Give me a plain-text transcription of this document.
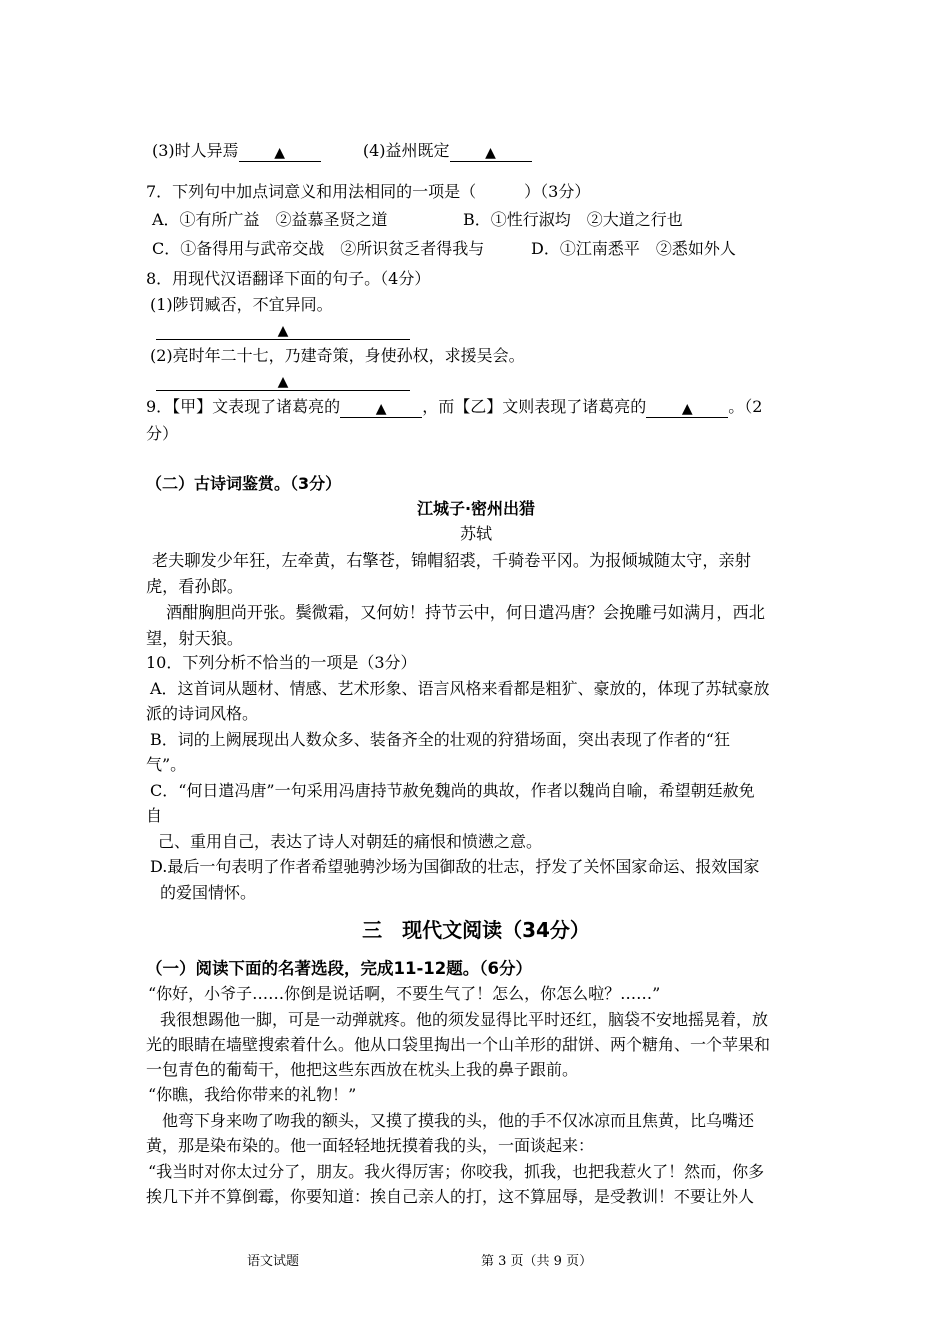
(3)时人异焉	▲	(4)益州既定	▲
7．下列句中加点词意义和用法相同的一项是（　　　）（3分）
A．①有所广益　②益慕圣贤之道	B．①性行淑均　②大道之行也
C．①备得用与武帝交战　②所识贫乏者得我与	D．①江南悉平　②悉如外人
8．用现代汉语翻译下面的句子。（4分）
(1)陟罚臧否，不宜异同。
▲
(2)亮时年二十七，乃建奇策，身使孙权，求援吴会。
▲
9．【甲】文表现了诸葛亮的	▲ ，而【乙】文则表现了诸葛亮的	▲ 。（2
分）
（二）古诗词鉴赏。（3分）
江城子·密州出猎
苏轼
老夫聊发少年狂，左牵黄，右擎苍，锦帽貂裘，千骑卷平冈。为报倾城随太守，亲射
虎，看孙郎。
酒酣胸胆尚开张。鬓微霜，又何妨！持节云中，何日遣冯唐？会挽雕弓如满月，西北
望，射天狼。
10．下列分析不恰当的一项是（3分）
A．这首词从题材、情感、艺术形象、语言风格来看都是粗犷、豪放的，体现了苏轼豪放
派的诗词风格。
B．词的上阙展现出人数众多、装备齐全的壮观的狩猎场面，突出表现了作者的“狂
气”。
C．“何日遣冯唐”一句采用冯唐持节赦免魏尚的典故，作者以魏尚自喻，希望朝廷赦免
自
己、重用自己，表达了诗人对朝廷的痛恨和愤懑之意。
D.最后一句表明了作者希望驰骋沙场为国御敌的壮志，抒发了关怀国家命运、报效国家
的爱国情怀。
三　现代文阅读（34分）
（一）阅读下面的名著选段，完成11-12题。（6分）
“你好，小爷子……你倒是说话啊，不要生气了！怎么，你怎么啦？……”
我很想踢他一脚，可是一动弹就疼。他的须发显得比平时还红，脑袋不安地摇晃着，放
光的眼睛在墙壁搜索着什么。他从口袋里掏出一个山羊形的甜饼、两个糖角、一个苹果和
一包青色的葡萄干，他把这些东西放在枕头上我的鼻子跟前。
“你瞧，我给你带来的礼物！”
他弯下身来吻了吻我的额头，又摸了摸我的头，他的手不仅冰凉而且焦黄，比乌嘴还
黄，那是染布染的。他一面轻轻地抚摸着我的头，一面谈起来：
“我当时对你太过分了，朋友。我火得厉害；你咬我，抓我，也把我惹火了！然而，你多
挨几下并不算倒霉，你要知道：挨自己亲人的打，这不算屈辱，是受教训！不要让外人
语文试题	第 3 页（共 9 页）
